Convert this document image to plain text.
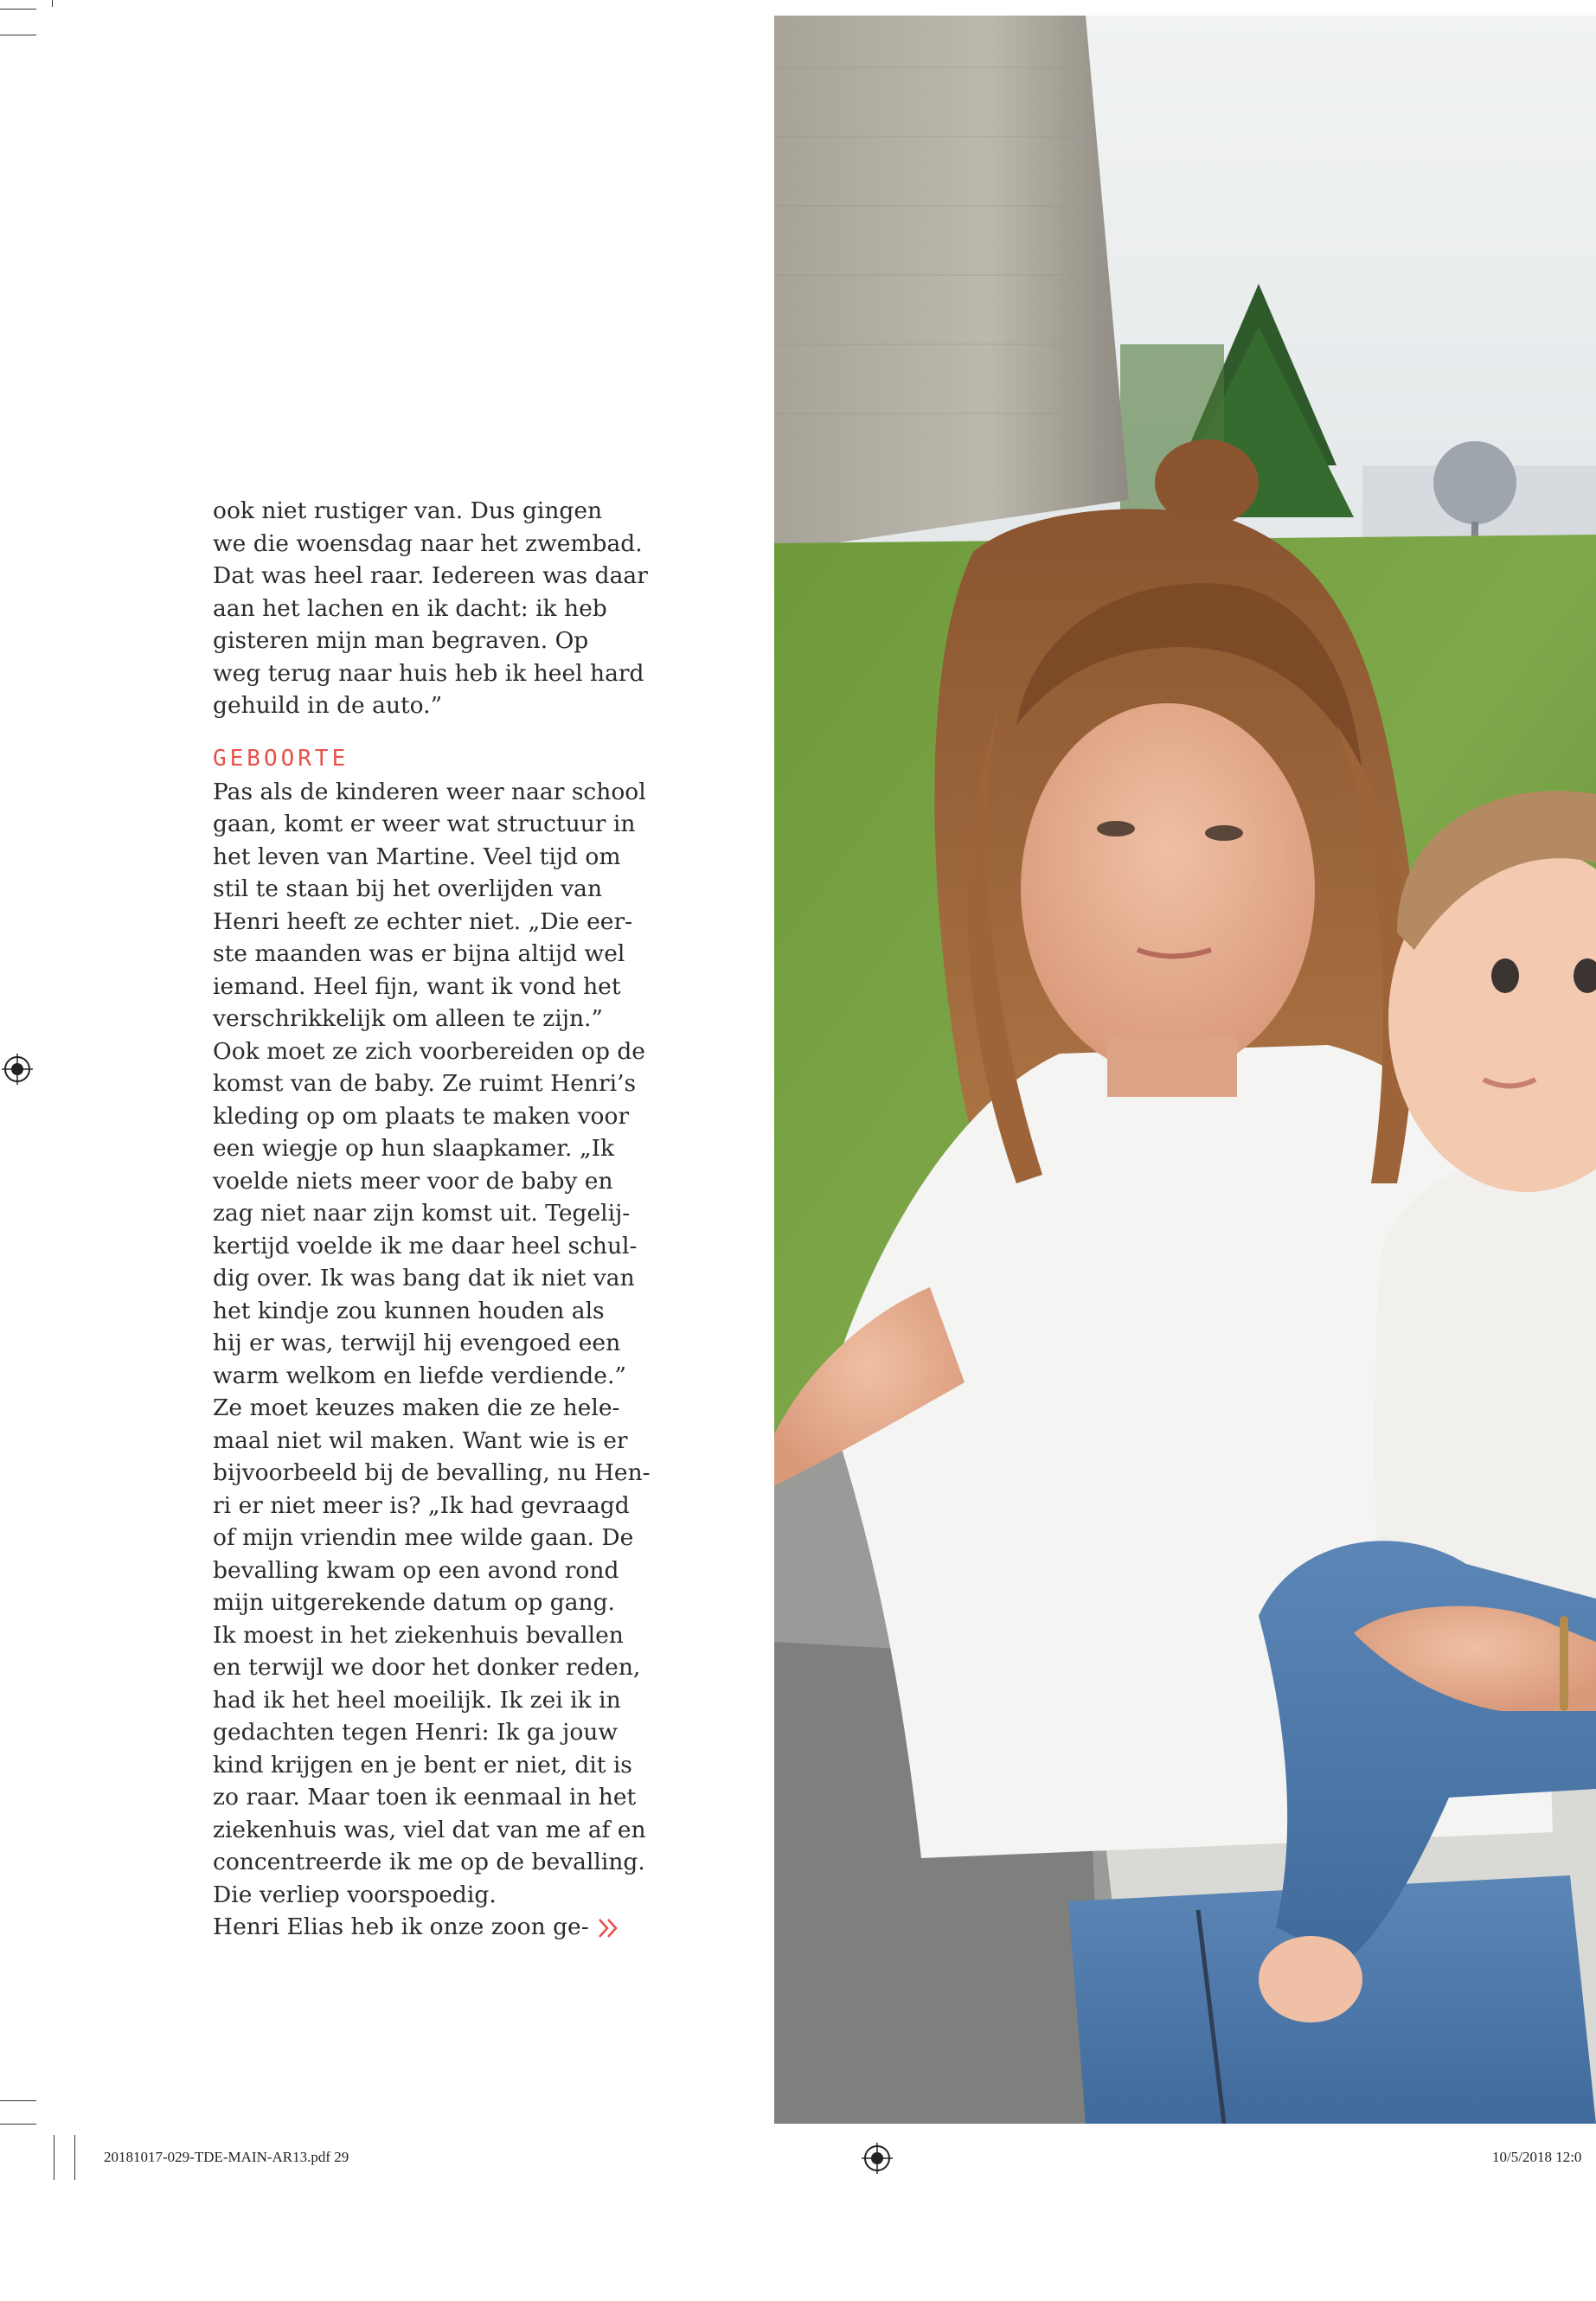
ook niet rustiger van. Dus gingen
we die woensdag naar het zwembad.
Dat was heel raar. Iedereen was daar
aan het lachen en ik dacht: ik heb
gisteren mijn man begraven. Op
weg terug naar huis heb ik heel hard
gehuild in de auto.”
GEBOORTE
Pas als de kinderen weer naar school
gaan, komt er weer wat structuur in
het leven van Martine. Veel tijd om
stil te staan bij het overlijden van
Henri heeft ze echter niet. „Die eer-
ste maanden was er bijna altijd wel
iemand. Heel fijn, want ik vond het
verschrikkelijk om alleen te zijn.”
Ook moet ze zich voorbereiden op de
komst van de baby. Ze ruimt Henri’s
kleding op om plaats te maken voor
een wiegje op hun slaapkamer. „Ik
voelde niets meer voor de baby en
zag niet naar zijn komst uit. Tegelij-
kertijd voelde ik me daar heel schul-
dig over. Ik was bang dat ik niet van
het kindje zou kunnen houden als
hij er was, terwijl hij evengoed een
warm welkom en liefde verdiende.”
Ze moet keuzes maken die ze hele-
maal niet wil maken. Want wie is er
bijvoorbeeld bij de bevalling, nu Hen-
ri er niet meer is? „Ik had gevraagd
of mijn vriendin mee wilde gaan. De
bevalling kwam op een avond rond
mijn uitgerekende datum op gang.
Ik moest in het ziekenhuis bevallen
en terwijl we door het donker reden,
had ik het heel moeilijk. Ik zei ik in
gedachten tegen Henri: Ik ga jouw
kind krijgen en je bent er niet, dit is
zo raar. Maar toen ik eenmaal in het
ziekenhuis was, viel dat van me af en
concentreerde ik me op de bevalling.
Die verliep voorspoedig.
Henri Elias heb ik onze zoon ge-
20181017-029-TDE-MAIN-AR13.pdf 29	10/5/2018 12:0
